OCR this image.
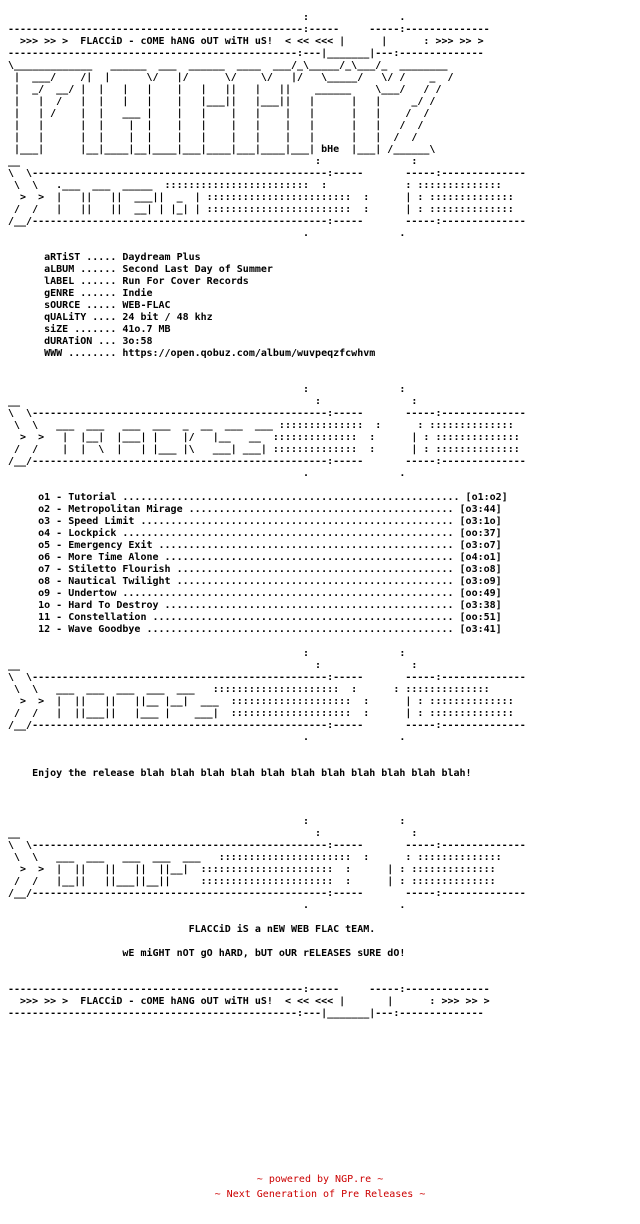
:               .
-------------------------------------------------:-----     -----:--------------
>>> >> >  FLACCiD - cOME hANG oUT wiTH uS!  < << <<< |      |      : >>> >> >
------------------------------------------------:---|_______|---:--------------
\_____________   ______  ___  ______  ____  ___/_\_____/_\___/_  ________
|  ___/    /|  |      \/   |/      \/    \/   |/   \_____/   \/ /    _  /
|  _/  __/ |  |   |   |    |   |   ||   |   ||    ______    \___/   / /
|   |  /   |  |   |   |    |   |___||   |___||   |      |   |     _/ /
|   | /    |  |   ___ |    |   |    |   |    |   |      |   |    /  /
|   |      |  |    |  |    |   |    |   |    |   |      |   |   /  /
|   |      |  |    |  |    |   |    |   |    |   |      |   |  /  /
|___|      |__|____|__|____|___|____|___|____|___| bHe  |___| /______\
__                                                 :               :
\  \-------------------------------------------------:-----       -----:--------------
\  \   .___  ___  _____  ::::::::::::::::::::::::  :             : ::::::::::::::
>  >  |   ||   ||  ___||  _  | ::::::::::::::::::::::::  :      | : ::::::::::::::
/  /   |   ||   ||  __| | |_| | ::::::::::::::::::::::::  :      | : ::::::::::::::
/__/-------------------------------------------------:-----       -----:--------------
.               .

aRTiST ..... Daydream Plus
aLBUM ...... Second Last Day of Summer
lABEL ...... Run For Cover Records
gENRE ...... Indie
sOURCE ..... WEB-FLAC
qUALiTY .... 24 bit / 48 khz
siZE ....... 41o.7 MB
dURATiON ... 3o:58
WWW ........ https://open.qobuz.com/album/wuvpeqzfcwhvm

:               :
__                                                 :               :
\  \-------------------------------------------------:-----       -----:--------------
\  \   ___  ___   ___  ___  _  __  ___  ___ ::::::::::::::  :      : ::::::::::::::
>  >   |  |__|  |___| |    |/   |__   __  ::::::::::::::  :      | : ::::::::::::::
/  /    |  |  \  |   | |___ |\   ___| ___| ::::::::::::::  :      | : ::::::::::::::
/__/-------------------------------------------------:-----       -----:--------------
.               .

o1 - Tutorial ........................................................ [o1:o2]
o2 - Metropolitan Mirage ............................................ [o3:44]
o3 - Speed Limit .................................................... [o3:1o]
o4 - Lockpick ....................................................... [oo:37]
o5 - Emergency Exit ................................................. [o3:o7]
o6 - More Time Alone ................................................ [o4:o1]
o7 - Stiletto Flourish .............................................. [o3:o8]
o8 - Nautical Twilight .............................................. [o3:o9]
o9 - Undertow ....................................................... [oo:49]
1o - Hard To Destroy ................................................ [o3:38]
11 - Constellation .................................................. [oo:51]
12 - Wave Goodbye ................................................... [o3:41]

:               :
__                                                 :               :
\  \-------------------------------------------------:-----       -----:--------------
\  \   ___  ___  ___  ___  ___   :::::::::::::::::::::  :      : ::::::::::::::
>  >  |  ||   ||   ||__ |__|  ___  ::::::::::::::::::::  :      | : ::::::::::::::
/  /   |  ||___||   |___ |    ___|  ::::::::::::::::::::  :      | : ::::::::::::::
/__/-------------------------------------------------:-----       -----:--------------
.               .

Enjoy the release blah blah blah blah blah blah blah blah blah blah blah!

:               :
__                                                 :               :
\  \-------------------------------------------------:-----       -----:--------------
\  \   ___  ___   ___  ___  ___   ::::::::::::::::::::::  :      : ::::::::::::::
>  >  |  ||   ||   ||  ||__|  ::::::::::::::::::::::  :      | : ::::::::::::::
/  /   |__||   ||___||__||     ::::::::::::::::::::::  :      | : ::::::::::::::
/__/-------------------------------------------------:-----       -----:--------------
.               .

FLACCiD iS a nEW WEB FLAC tEAM.

wE miGHT nOT gO hARD, bUT oUR rELEASES sURE dO!

-------------------------------------------------:-----     -----:--------------
>>> >> >  FLACCiD - cOME hANG oUT wiTH uS!  < << <<< |       |      : >>> >> >
------------------------------------------------:---|_______|---:--------------

~ powered by NGP.re ~
~ Next Generation of Pre Releases ~
